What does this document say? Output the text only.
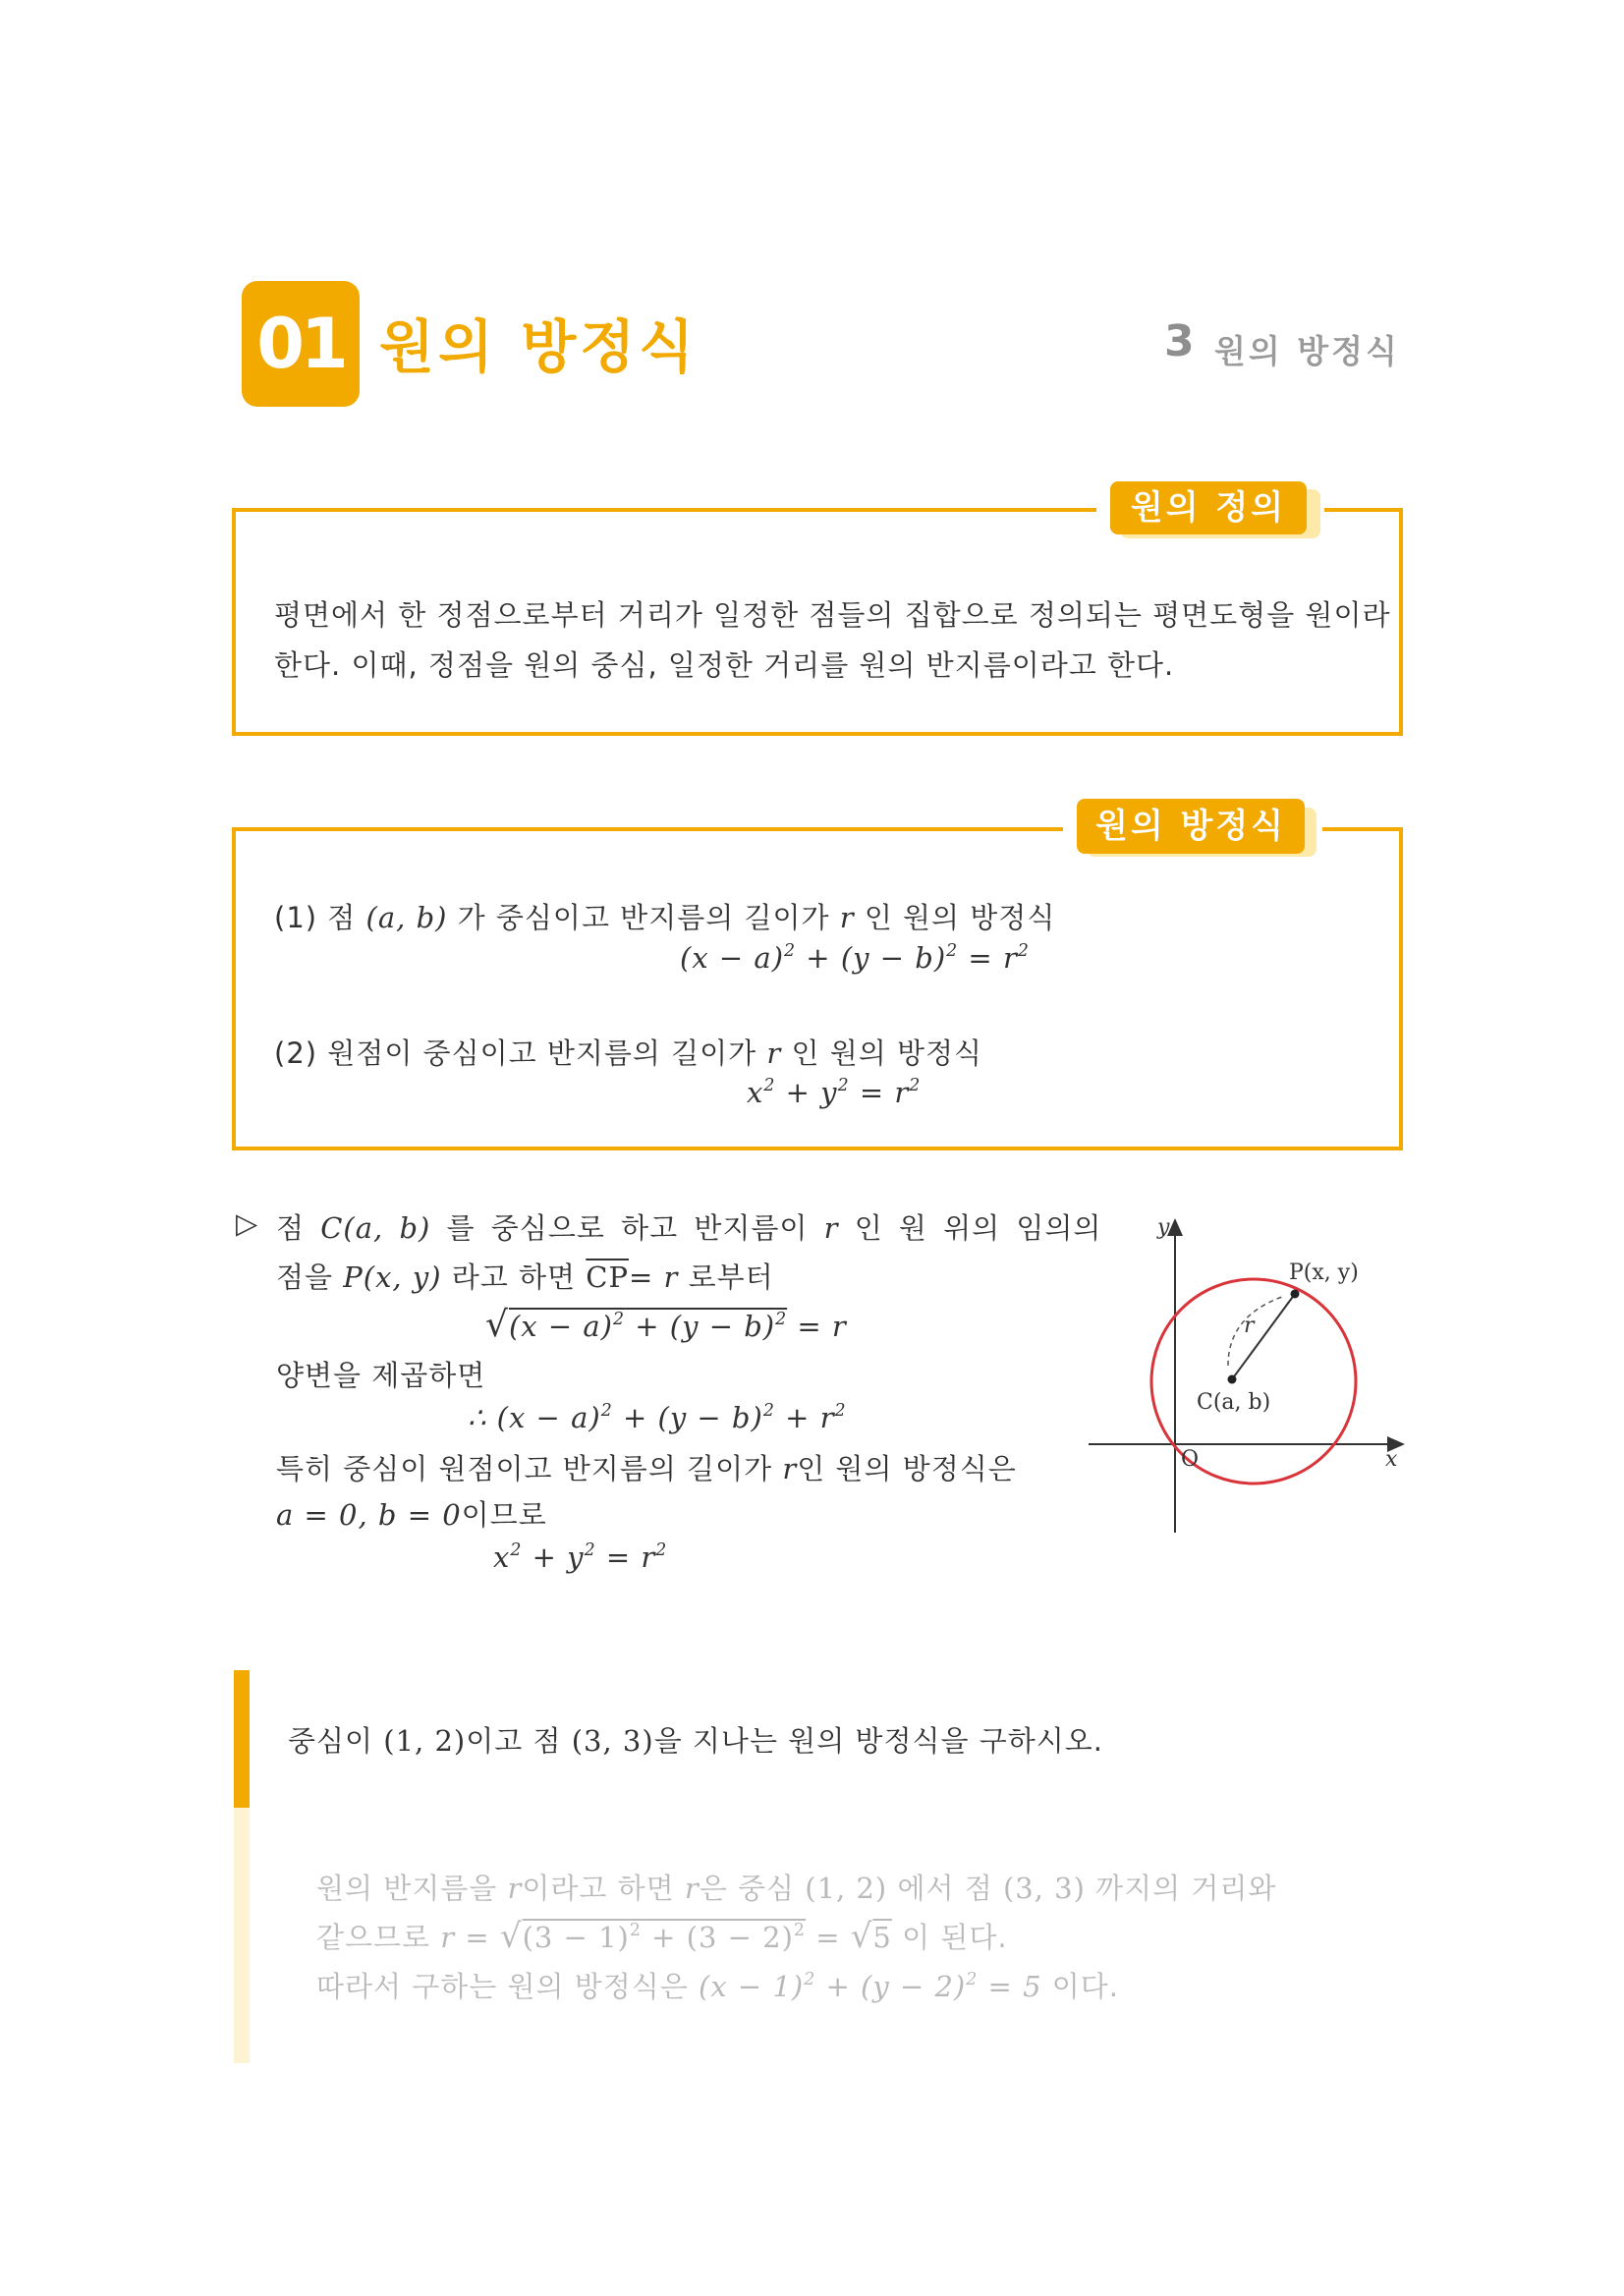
01 원의 방정식	3 원의 방정식
원의 정의
평면에서 한 정점으로부터 거리가 일정한 점들의 집합으로 정의되는 평면도형을 원이라
한다. 이때, 정점을 원의 중심, 일정한 거리를 원의 반지름이라고 한다.
원의 방정식
(1) 점 (a, b) 가 중심이고 반지름의 길이가 r 인 원의 방정식
$(x - a)^2 + (y - b)^2 = r^2$
(2) 원점이 중심이고 반지름의 길이가 r 인 원의 방정식
$x^2 + y^2 = r^2$
▷ 점 C(a, b) 를 중심으로 하고 반지름이 r 인 원 위의 임의의
점을 P(x, y) 라고 하면 $\overline{CP}= r$ 로부터
$√(x - a)^2 + (y - b)^2 = r$
양변을 제곱하면
∴ $(x - a)^2 + (y - b)^2 + r^2$
특히 중심이 원점이고 반지름의 길이가 r인 원의 방정식은
a = 0, b = 0이므로
$x^2 + y^2 = r^2$
y
x
O
P(x, y)
C(a, b)
r
중심이 (1, 2)이고 점 (3, 3)을 지나는 원의 방정식을 구하시오.
원의 반지름을 r이라고 하면 r은 중심 (1, 2) 에서 점 (3, 3) 까지의 거리와
같으므로 $r = √(3 - 1)^2 + (3 - 2)^2 = √5$ 이 된다.
따라서 구하는 원의 방정식은 $(x - 1)^2 + (y - 2)^2 = 5$ 이다.
